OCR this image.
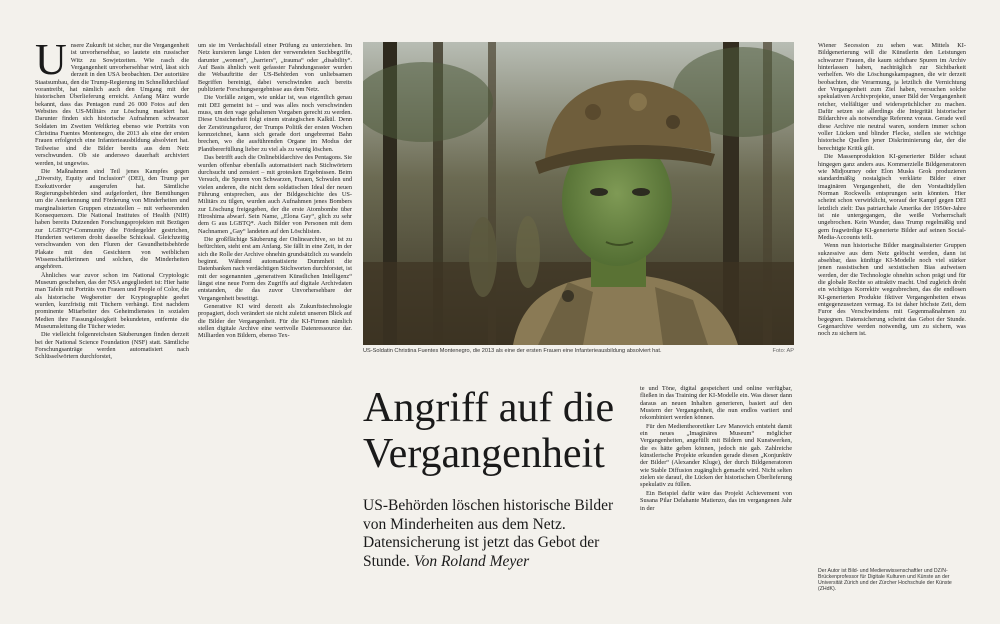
U nsere Zukunft ist sicher, nur die Vergangenheit ist unvorhersehbar, so lautete ein russischer Witz zu Sowjetzeiten. Wie rasch die Vergangenheit unvorhersehbar wird, lässt sich derzeit in den USA beobachten. Der autoritäre Staatsumbau, den die Trump-Regierung im Schnelldurchlauf vorantreibt, hat nämlich auch den Umgang mit der historischen Überlieferung erreicht. Anfang März wurde bekannt, dass das Pentagon rund 26 000 Fotos auf den Websites des US-Militärs zur Löschung markiert hat. Darunter finden sich historische Aufnahmen schwarzer Soldaten im Zweiten Weltkrieg ebenso wie Porträts von Christina Fuentes Montenegro, die 2013 als eine der ersten Frauen erfolgreich eine Infanterieausbildung absolviert hat. Teilweise sind die Bilder bereits aus dem Netz verschwunden. Ob sie anderswo dauerhaft archiviert werden, ist ungewiss.

Die Maßnahmen sind Teil jenes Kampfes gegen „Diversity, Equity and Inclusion“ (DEI), den Trump per Exekutivorder ausgerufen hat. Sämtliche Regierungsbehörden sind aufgefordert, ihre Bemühungen um die Anerkennung und Förderung von Minderheiten und marginalisierten Gruppen einzustellen – mit verheerenden Konsequenzen. Die National Institutes of Health (NIH) haben bereits Dutzenden Forschungsprojekten mit Bezügen zur LGBTQ*-Community die Fördergelder gestrichen, Hunderten weiteren droht dasselbe Schicksal. Gleichzeitig verschwanden von den Fluren der Gesundheitsbehörde Plakate mit den Gesichtern von weiblichen Wissenschaftlerinnen und solchen, die Minderheiten angehören.

Ähnliches war zuvor schon im National Cryptologic Museum geschehen, das der NSA angegliedert ist: Hier hatte man Tafeln mit Porträts von Frauen und People of Color, die als historische Wegbereiter der Kryptographie geehrt wurden, kurzfristig mit Tüchern verhängt. Erst nachdem prominente Mitarbeiter des Geheimdienstes in sozialen Medien ihre Fassungslosigkeit bekundeten, entfernte die Museumsleitung die Tücher wieder.

Die vielleicht folgenreichsten Säuberungen finden derzeit bei der National Science Foundation (NSF) statt. Sämtliche Forschungsanträge werden automatisiert nach Schlüsselwörtern durchforstet,

um sie im Verdachtsfall einer Prüfung zu unterziehen. Im Netz kursieren lange Listen der verwendeten Suchbegriffe, darunter „women“, „barriers“, „trauma“ oder „disability“. Auf Basis ähnlich weit gefasster Fahndungsraster wurden die Webauftritte der US-Behörden von unliebsamen Begriffen bereinigt, dabei verschwinden auch bereits publizierte Forschungsergebnisse aus dem Netz.

Die Vorfälle zeigen, wie unklar ist, was eigentlich genau mit DEI gemeint ist – und was alles noch verschwinden muss, um den vage gehaltenen Vorgaben gerecht zu werden. Diese Unsicherheit folgt einem strategischen Kalkül. Denn der Zerstörungsfuror, der Trumps Politik der ersten Wochen kennzeichnet, kann sich gerade dort ungebremst Bahn brechen, wo die ausführenden Organe im Modus der Planübererfüllung lieber zu viel als zu wenig löschen.

Das betrifft auch die Onlinebildarchive des Pentagons. Sie wurden offenbar ebenfalls automatisiert nach Stichwörtern durchsucht und zensiert – mit grotesken Ergebnissen. Beim Versuch, die Spuren von Schwarzen, Frauen, Schwulen und vielen anderen, die nicht dem soldatischen Ideal der neuen Führung entsprechen, aus der Bildgeschichte des US-Militärs zu tilgen, wurden auch Aufnahmen jenes Bombers zur Löschung freigegeben, der die erste Atombombe über Hiroshima abwarf. Sein Name, „Elona Gay“, glich zu sehr dem G aus LGBTQ*. Auch Bilder von Personen mit dem Nachnamen „Gay“ landeten auf den Löschlisten.

Die großflächige Säuberung der Onlinearchive, so ist zu befürchten, steht erst am Anfang. Sie fällt in eine Zeit, in der sich die Rolle der Archive ohnehin grundsätzlich zu wandeln beginnt. Während automatisierte Dummheit die Datenbanken nach verdächtigen Stichworten durchforstet, ist mit der sogenannten „generativen Künstlichen Intelligenz“ längst eine neue Form des Zugriffs auf digitale Archivdaten entstanden, die das zuvor Unvorhersehbare der Vergangenheit beseitigt.

Generative KI wird derzeit als Zukunftstechnologie propagiert, doch verändert sie nicht zuletzt unseren Blick auf die Bilder der Vergangenheit. Für die KI-Firmen nämlich stellen digitale Archive eine wertvolle Datenressource dar. Milliarden von Bildern, ebenso Tex-

US-Soldatin Christina Fuentes Montenegro, die 2013 als eine der ersten Frauen eine Infanterieausbildung absolviert hat.	Foto: AP
Angriff auf die Vergangenheit

US-Behörden löschen historische Bilder von Minderheiten aus dem Netz. Datensicherung ist jetzt das Gebot der Stunde. Von Roland Meyer

te und Töne, digital gespeichert und online verfügbar, fließen in das Training der KI-Modelle ein. Was dieser dann daraus an neuen Inhalten generieren, basiert auf den Mustern der Vergangenheit, die nun endlos variiert und rekombiniert werden können.

Für den Medientheoretiker Lev Manovich entsteht damit ein neues „Imaginäres Museum“ möglicher Vergangenheiten, angefüllt mit Bildern und Kunstwerken, die es hätte geben können, jedoch nie gab. Zahlreiche künstlerische Projekte erkunden gerade diesen „Konjunktiv der Bilder“ (Alexander Kluge), der durch Bildgeneratoren wie Stable Diffusion zugänglich gemacht wird. Nicht selten zielen sie darauf, die Lücken der historischen Überlieferung spekulativ zu füllen.

Ein Beispiel dafür wäre das Projekt Achievement von Susana Pilar Delahante Matienzo, das im vergangenen Jahr in der

Wiener Secession zu sehen war. Mittels KI-Bildgenerierung will die Künstlerin den Leistungen schwarzer Frauen, die kaum sichtbare Spuren im Archiv hinterlassen haben, nachträglich zur Sichtbarkeit verhelfen. Wo die Löschungskampagnen, die wir derzeit beobachten, die Verarmung, ja letztlich die Vernichtung der Vergangenheit zum Ziel haben, versuchen solche spekulativen Archivprojekte, unser Bild der Vergangenheit reicher, vielfältiger und widersprüchlicher zu machen. Dafür setzen sie allerdings die Integrität historischer Bildarchive als notwendige Referenz voraus. Gerade weil diese Archive nie neutral waren, sondern immer schon voller Lücken und blinder Flecke, stellen sie wichtige historische Quellen jener Diskriminierung dar, der die berechtigte Kritik gilt.

Die Massenproduktion KI-generierter Bilder schaut hingegen ganz anders aus. Kommerzielle Bildgeneratoren wie Midjourney oder Elon Musks Grok produzieren standardmäßig nostalgisch verklärte Bilder einer imaginären Vergangenheit, die den Vorstadtidyllen Norman Rockwells entsprungen sein könnten. Hier scheint schon verwirklicht, worauf der Kampf gegen DEI letztlich zielt: Das patriarchale Amerika der 1950er-Jahre ist nie untergegangen, die weiße Vorherrschaft ungebrochen. Kein Wunder, dass Trump regelmäßig und gern fragwürdige KI-generierte Bilder auf seinen Social-Media-Accounts teilt.

Wenn nun historische Bilder marginalisierter Gruppen sukzessive aus dem Netz gelöscht werden, dann ist absehbar, dass künftige KI-Modelle noch viel stärker jenen rassistischen und sexistischen Bias aufweisen werden, der die Technologie ohnehin schon prägt und für die globale Rechte so attraktiv macht. Und zugleich droht ein wichtiges Korrektiv wegzubrechen, das die endlosen KI-generierten Produkte fiktiver Vergangenheiten etwas entgegenzusetzen vermag. Es ist daher höchste Zeit, dem Furor des Verschwindens mit Gegenmaßnahmen zu begegnen. Datensicherung scheint das Gebot der Stunde. Gegenarchive werden notwendig, um zu sichern, was noch zu sichern ist.

Der Autor ist Bild- und Medienwissenschaftler und DZ/N-Brückenprofessor für Digitale Kulturen und Künste an der Universität Zürich und der Zürcher Hochschule der Künste (ZHdK).
